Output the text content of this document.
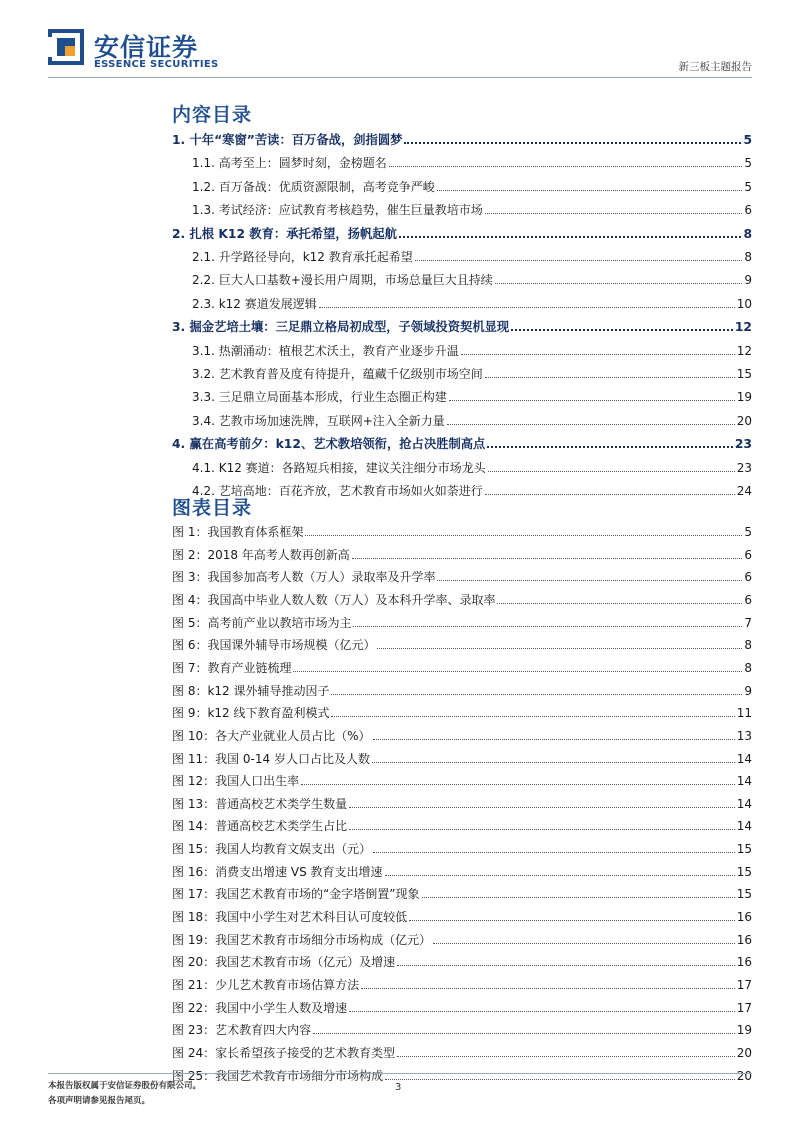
安信证券
ESSENCE SECURITIES	新三板主题报告
内容目录
图表目录
1. 十年“寒窗”苦读：百万备战，剑指圆梦	5
1.1. 高考至上：圆梦时刻，金榜题名	5
1.2. 百万备战：优质资源限制，高考竞争严峻	5
1.3. 考试经济：应试教育考核趋势，催生巨量教培市场	6
2. 扎根 K12 教育：承托希望，扬帆起航	8
2.1. 升学路径导向，k12 教育承托起希望	8
2.2. 巨大人口基数+漫长用户周期，市场总量巨大且持续	9
2.3. k12 赛道发展逻辑	10
3. 掘金艺培土壤：三足鼎立格局初成型，子领域投资契机显现	12
3.1. 热潮涌动：植根艺术沃土，教育产业逐步升温	12
3.2. 艺术教育普及度有待提升，蕴藏千亿级别市场空间	15
3.3. 三足鼎立局面基本形成，行业生态圈正构建	19
3.4. 艺教市场加速洗牌，互联网+注入全新力量	20
4. 赢在高考前夕：k12、艺术教培领衔，抢占决胜制高点	23
4.1. K12 赛道：各路短兵相接，建议关注细分市场龙头	23
4.2. 艺培高地：百花齐放，艺术教育市场如火如荼进行	24
图 1：我国教育体系框架	5
图 2：2018 年高考人数再创新高	6
图 3：我国参加高考人数（万人）录取率及升学率	6
图 4：我国高中毕业人数人数（万人）及本科升学率、录取率	6
图 5：高考前产业以教培市场为主	7
图 6：我国课外辅导市场规模（亿元）	8
图 7：教育产业链梳理	8
图 8：k12 课外辅导推动因子	9
图 9：k12 线下教育盈利模式	11
图 10：各大产业就业人员占比（%）	13
图 11：我国 0-14 岁人口占比及人数	14
图 12：我国人口出生率	14
图 13：普通高校艺术类学生数量	14
图 14：普通高校艺术类学生占比	14
图 15：我国人均教育文娱支出（元）	15
图 16：消费支出增速 VS 教育支出增速	15
图 17：我国艺术教育市场的“金字塔倒置”现象	15
图 18：我国中小学生对艺术科目认可度较低	16
图 19：我国艺术教育市场细分市场构成（亿元）	16
图 20：我国艺术教育市场（亿元）及增速	16
图 21：少儿艺术教育市场估算方法	17
图 22：我国中小学生人数及增速	17
图 23：艺术教育四大内容	19
图 24：家长希望孩子接受的艺术教育类型	20
图 25：我国艺术教育市场细分市场构成	20
本报告版权属于安信证券股份有限公司。
各项声明请参见报告尾页。
3
